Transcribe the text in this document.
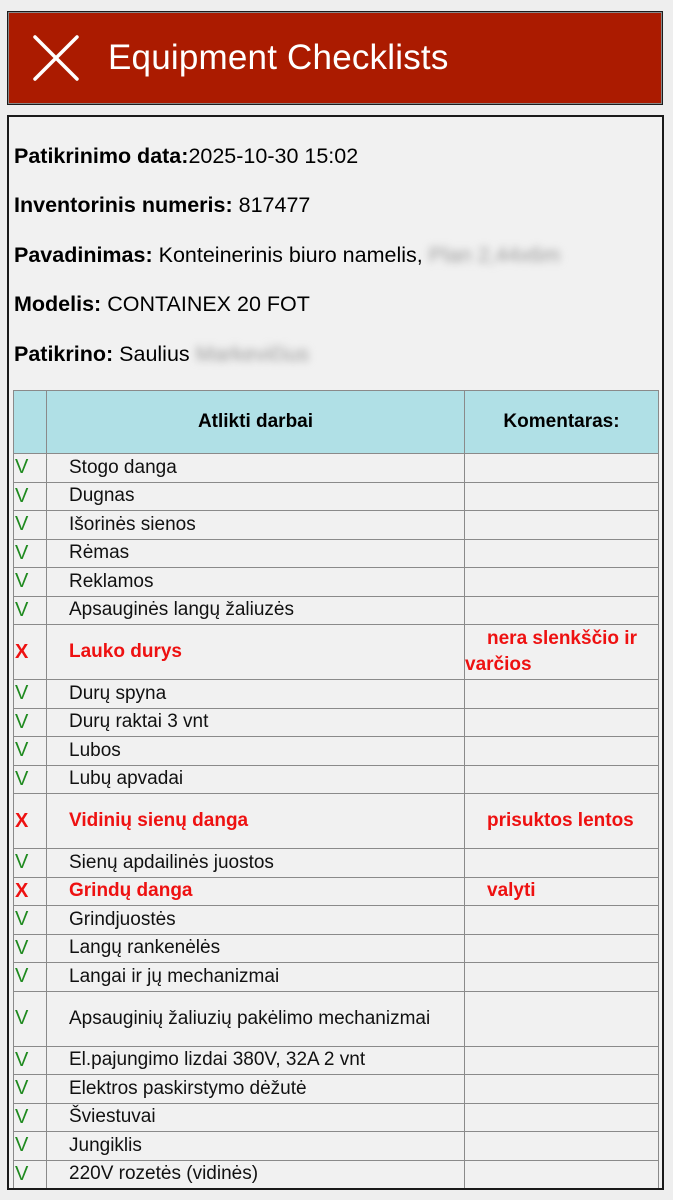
Equipment Checklists
Patikrinimo data:2025-10-30 15:02
Inventorinis numeris: 817477
Pavadinimas: Konteinerinis biuro namelis, Plan 2,44x6m
Modelis: CONTAINEX 20 FOT
Patikrino: Saulius Markevičius
	Atlikti darbai	Komentaras:
V	Stogo danga	
V	Dugnas	
V	Išorinės sienos	
V	Rėmas	
V	Reklamos	
V	Apsauginės langų žaliuzės	
X	Lauko durys	nera slenkščio ir varčios
V	Durų spyna	
V	Durų raktai 3 vnt	
V	Lubos	
V	Lubų apvadai	
X	Vidinių sienų danga	prisuktos lentos
V	Sienų apdailinės juostos	
X	Grindų danga	valyti
V	Grindjuostės	
V	Langų rankenėlės	
V	Langai ir jų mechanizmai	
V	Apsauginių žaliuzių pakėlimo mechanizmai	
V	El.pajungimo lizdai 380V, 32A 2 vnt	
V	Elektros paskirstymo dėžutė	
V	Šviestuvai	
V	Jungiklis	
V	220V rozetės (vidinės)	
